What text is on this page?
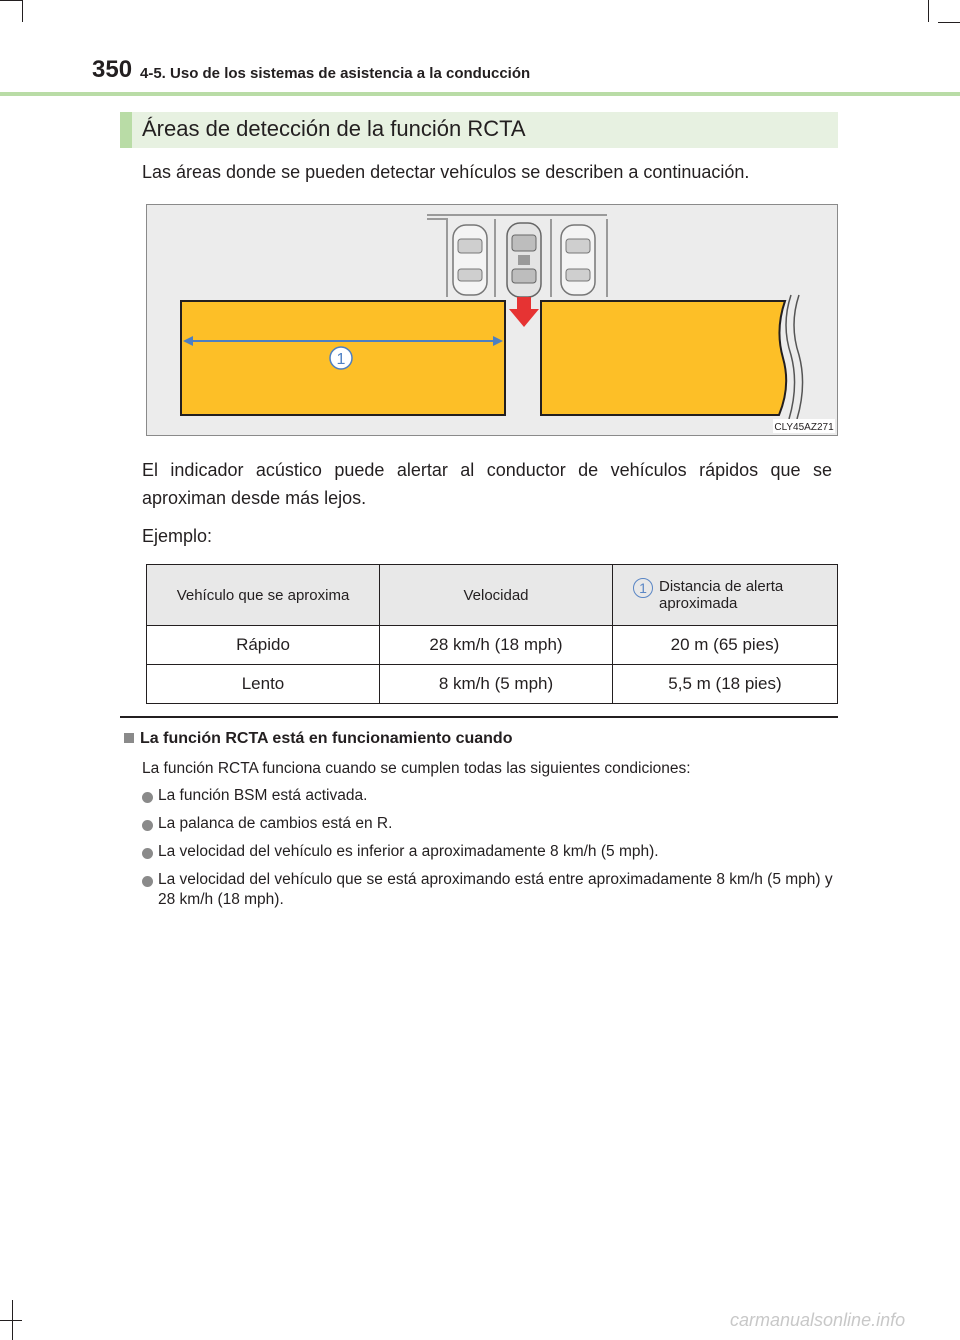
350 4-5. Uso de los sistemas de asistencia a la conducción
Áreas de detección de la función RCTA
Las áreas donde se pueden detectar vehículos se describen a continuación.
1
CLY45AZ271
El indicador acústico puede alertar al conductor de vehículos rápidos que se
aproximan desde más lejos.
Ejemplo:
Vehículo que se aproxima	Velocidad	1 Distancia de alerta aproximada
Rápido	28 km/h (18 mph)	20 m (65 pies)
Lento	8 km/h (5 mph)	5,5 m (18 pies)
La función RCTA está en funcionamiento cuando
La función RCTA funciona cuando se cumplen todas las siguientes condiciones:
La función BSM está activada.
La palanca de cambios está en R.
La velocidad del vehículo es inferior a aproximadamente 8 km/h (5 mph).
La velocidad del vehículo que se está aproximando está entre aproximadamente 8 km/h (5 mph) y 28 km/h (18 mph).
carmanualsonline.info
